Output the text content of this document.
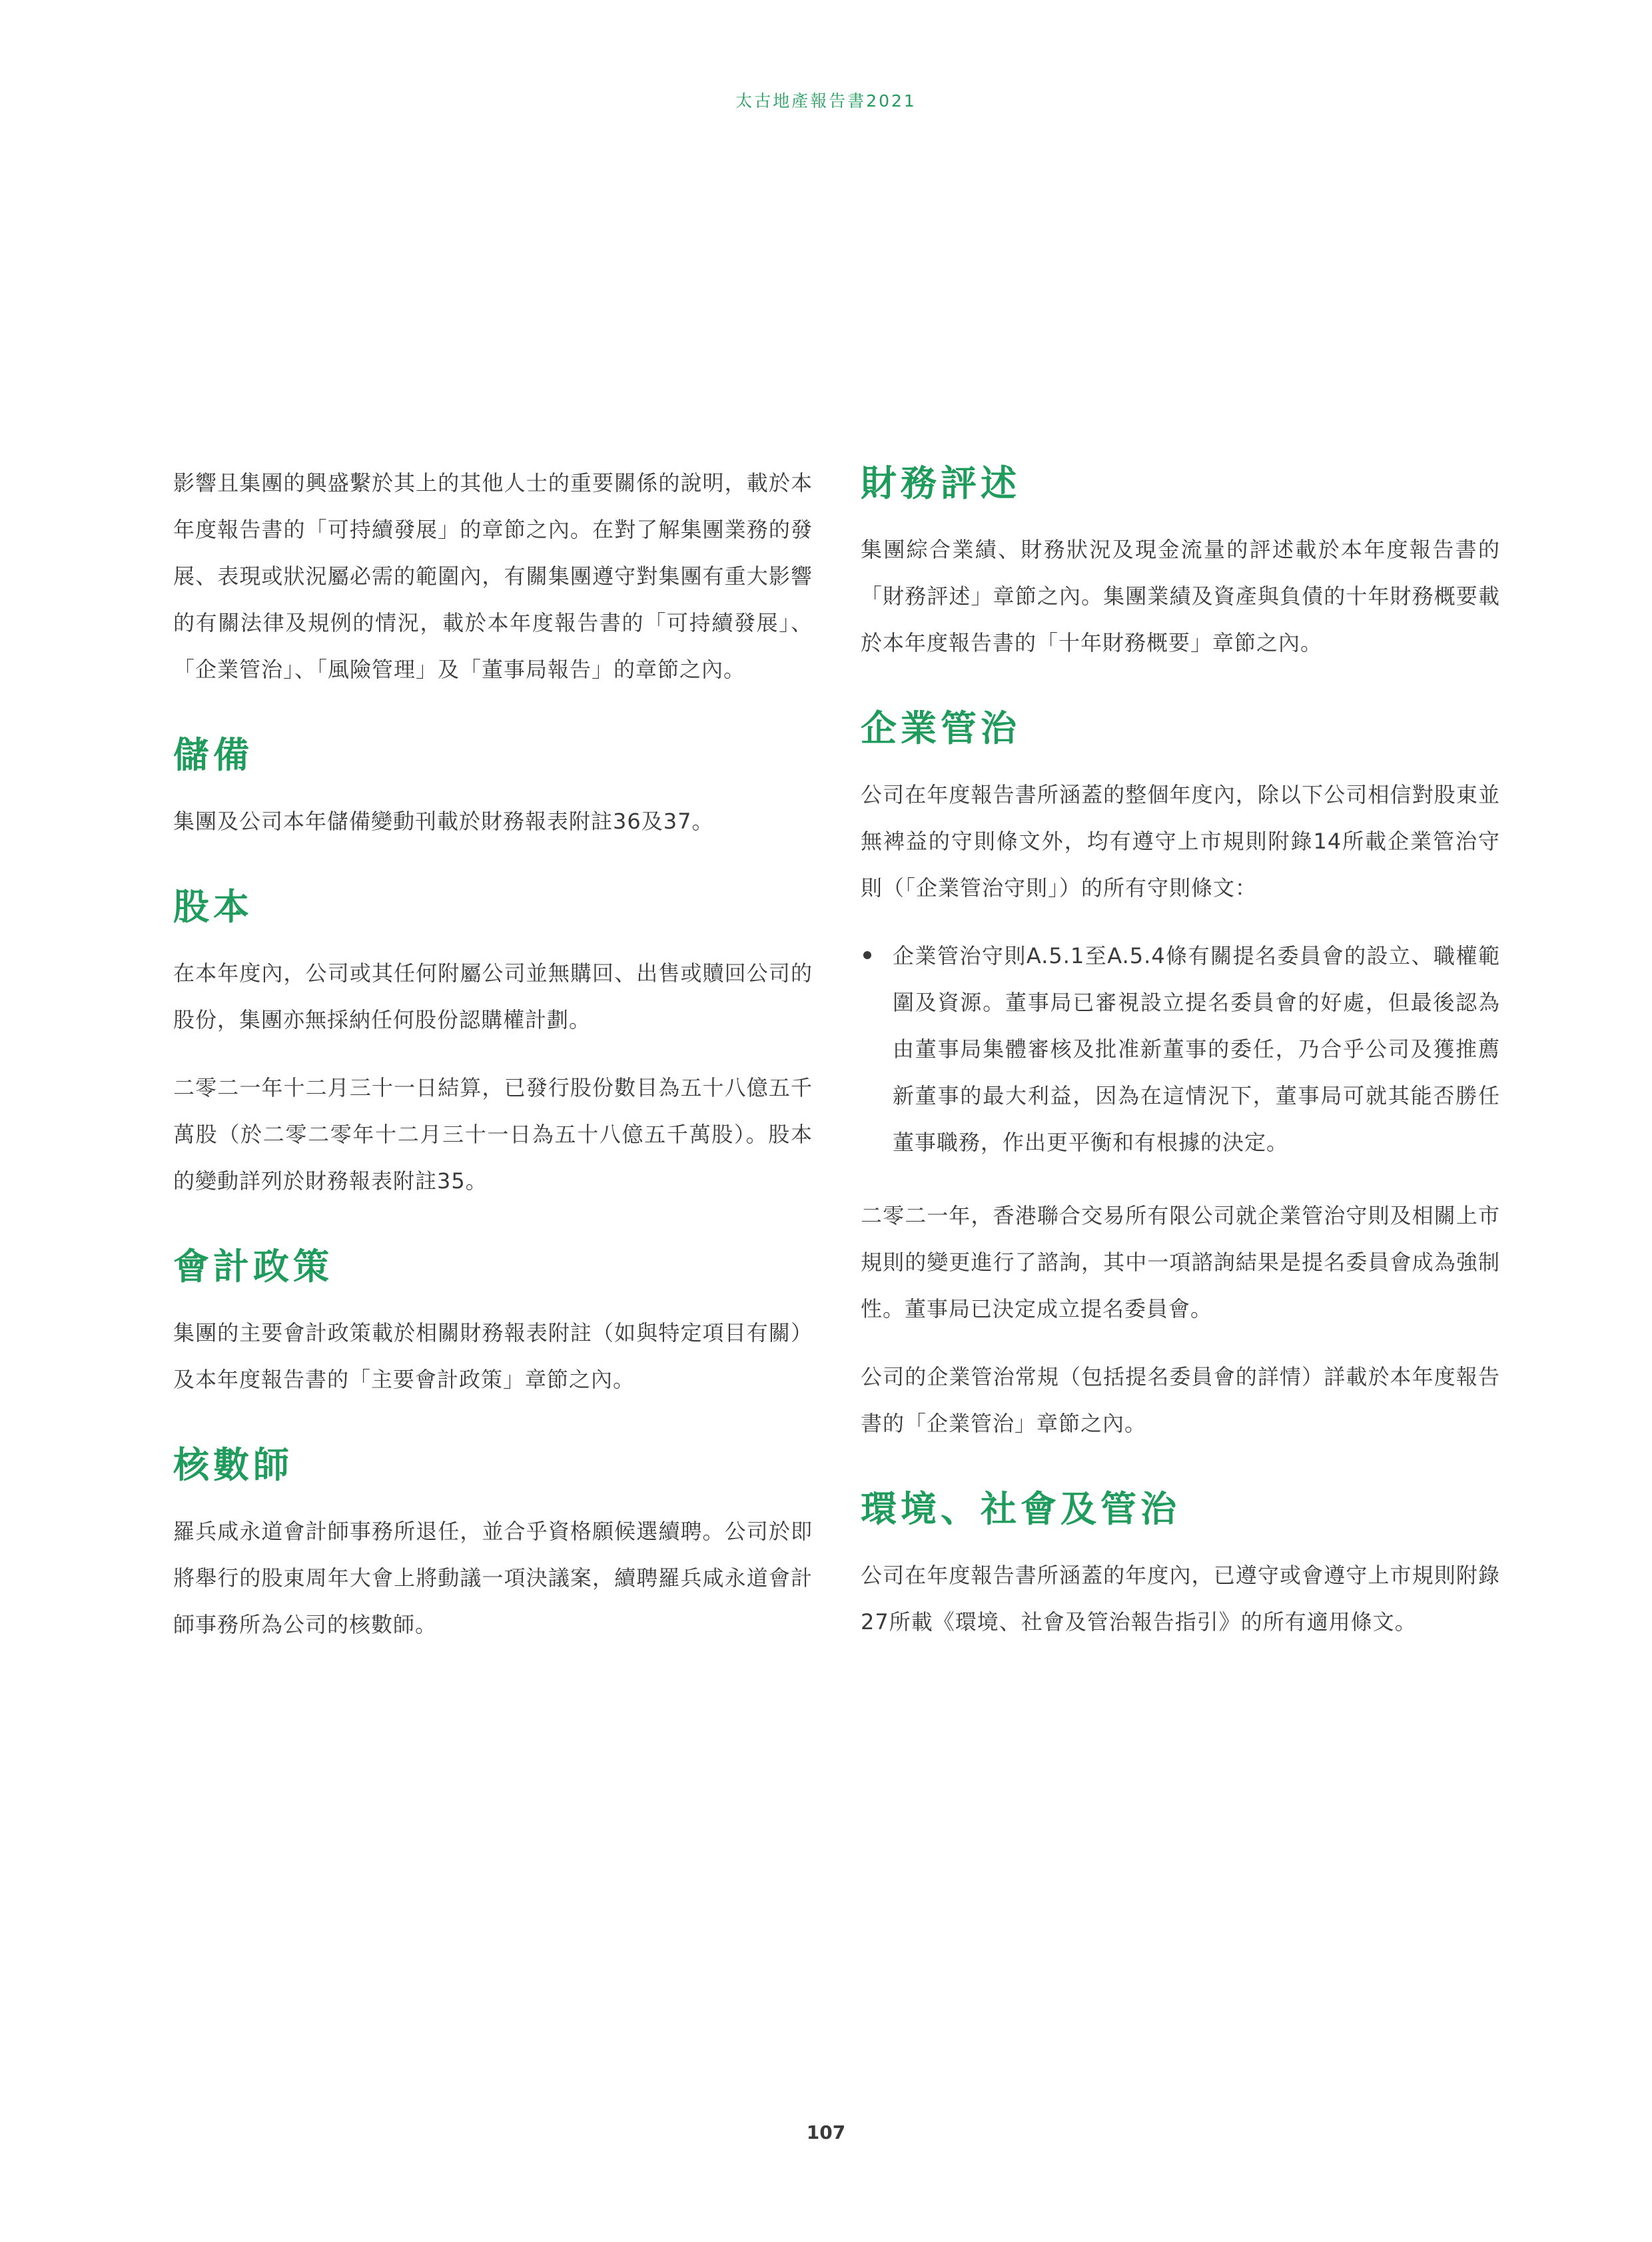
太古地產報告書2021

影響且集團的興盛繫於其上的其他人士的重要關係的說明，載於本年度報告書的「可持續發展」的章節之內。在對了解集團業務的發展、表現或狀況屬必需的範圍內，有關集團遵守對集團有重大影響的有關法律及規例的情況，載於本年度報告書的「可持續發展」、「企業管治」、「風險管理」及「董事局報告」的章節之內。

儲備

集團及公司本年儲備變動刊載於財務報表附註36及37。

股本

在本年度內，公司或其任何附屬公司並無購回、出售或贖回公司的股份，集團亦無採納任何股份認購權計劃。

二零二一年十二月三十一日結算，已發行股份數目為五十八億五千萬股（於二零二零年十二月三十一日為五十八億五千萬股）。股本的變動詳列於財務報表附註35。

會計政策

集團的主要會計政策載於相關財務報表附註（如與特定項目有關）及本年度報告書的「主要會計政策」章節之內。

核數師

羅兵咸永道會計師事務所退任，並合乎資格願候選續聘。公司於即將舉行的股東周年大會上將動議一項決議案，續聘羅兵咸永道會計師事務所為公司的核數師。

財務評述

集團綜合業績、財務狀況及現金流量的評述載於本年度報告書的「財務評述」章節之內。集團業績及資產與負債的十年財務概要載於本年度報告書的「十年財務概要」章節之內。

企業管治

公司在年度報告書所涵蓋的整個年度內，除以下公司相信對股東並無裨益的守則條文外，均有遵守上市規則附錄14所載企業管治守則（「企業管治守則」）的所有守則條文：

企業管治守則A.5.1至A.5.4條有關提名委員會的設立、職權範圍及資源。董事局已審視設立提名委員會的好處，但最後認為由董事局集體審核及批准新董事的委任，乃合乎公司及獲推薦新董事的最大利益，因為在這情況下，董事局可就其能否勝任董事職務，作出更平衡和有根據的決定。

二零二一年，香港聯合交易所有限公司就企業管治守則及相關上市規則的變更進行了諮詢，其中一項諮詢結果是提名委員會成為強制性。董事局已決定成立提名委員會。

公司的企業管治常規（包括提名委員會的詳情）詳載於本年度報告書的「企業管治」章節之內。

環境、社會及管治

公司在年度報告書所涵蓋的年度內，已遵守或會遵守上市規則附錄27所載《環境、社會及管治報告指引》的所有適用條文。

107
